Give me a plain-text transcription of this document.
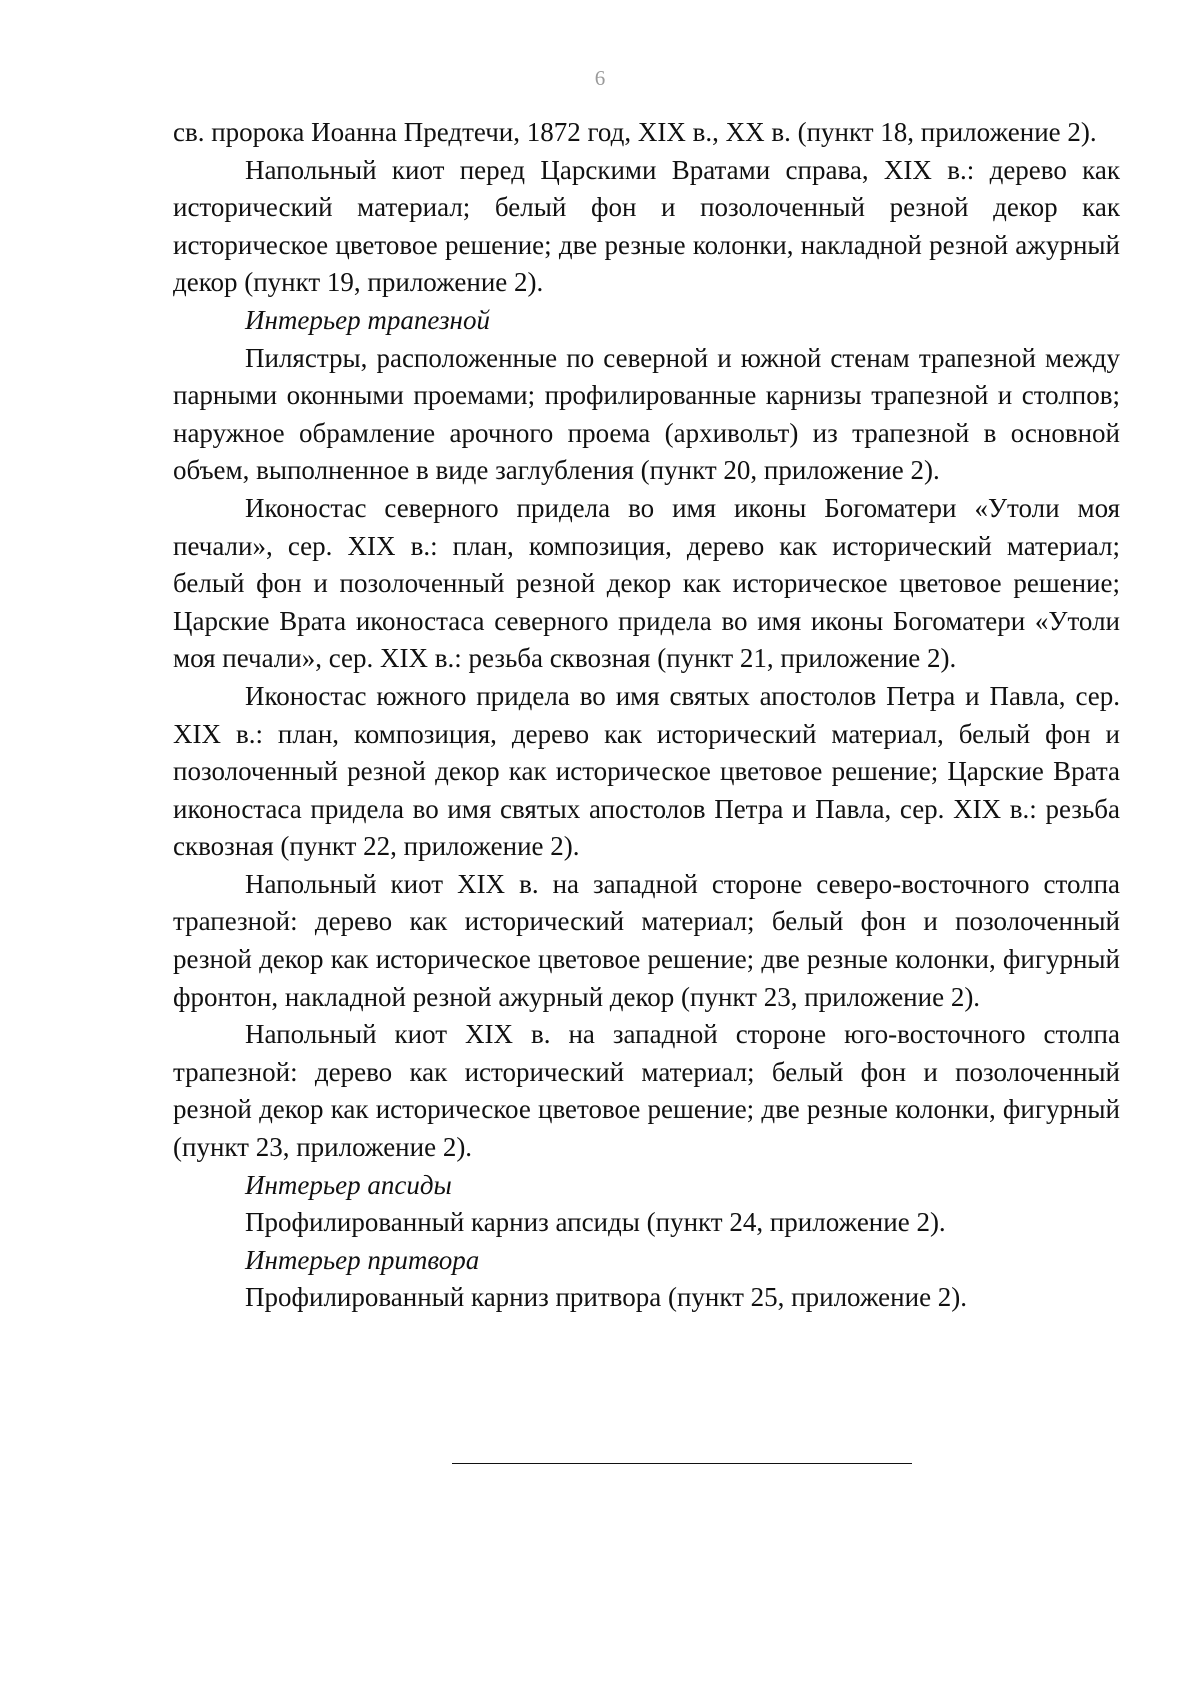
6

св. пророка Иоанна Предтечи, 1872 год, XIX в., XX в. (пункт 18, приложение 2).

Напольный киот перед Царскими Вратами справа, XIX в.: дерево как исторический материал; белый фон и позолоченный резной декор как историческое цветовое решение; две резные колонки, накладной резной ажурный декор (пункт 19, приложение 2).

Интерьер трапезной

Пилястры, расположенные по северной и южной стенам трапезной между парными оконными проемами; профилированные карнизы трапезной и столпов; наружное обрамление арочного проема (архивольт) из трапезной в основной объем, выполненное в виде заглубления (пункт 20, приложение 2).

Иконостас северного придела во имя иконы Богоматери «Утоли моя печали», сер. XIX в.: план, композиция, дерево как исторический материал; белый фон и позолоченный резной декор как историческое цветовое решение; Царские Врата иконостаса северного придела во имя иконы Богоматери «Утоли моя печали», сер. XIX в.: резьба сквозная (пункт 21, приложение 2).

Иконостас южного придела во имя святых апостолов Петра и Павла, сер. XIX в.: план, композиция, дерево как исторический материал, белый фон и позолоченный резной декор как историческое цветовое решение; Царские Врата иконостаса придела во имя святых апостолов Петра и Павла, сер. XIX в.: резьба сквозная (пункт 22, приложение 2).

Напольный киот XIX в. на западной стороне северо-восточного столпа трапезной: дерево как исторический материал; белый фон и позолоченный резной декор как историческое цветовое решение; две резные колонки, фигурный фронтон, накладной резной ажурный декор (пункт 23, приложение 2).

Напольный киот XIX в. на западной стороне юго-восточного столпа трапезной: дерево как исторический материал; белый фон и позолоченный резной декор как историческое цветовое решение; две резные колонки, фигурный (пункт 23, приложение 2).

Интерьер апсиды

Профилированный карниз апсиды (пункт 24, приложение 2).

Интерьер притвора

Профилированный карниз притвора (пункт 25, приложение 2).
